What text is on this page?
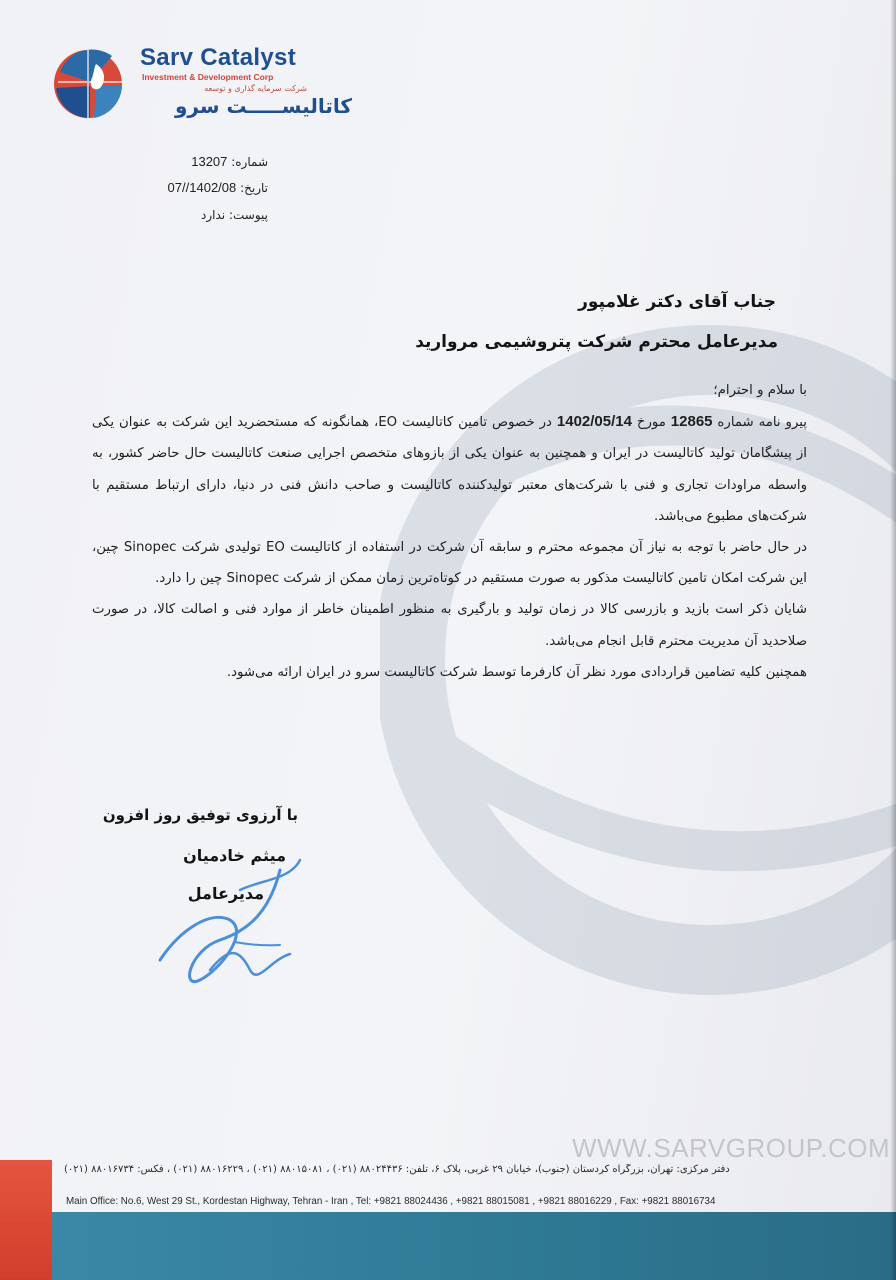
Sarv Catalyst
Investment & Development Corp
شرکت سرمایه گذاری و توسعه
کاتالیســـــت سرو
شماره: 13207
تاریخ: 1402/08//07
پیوست: ندارد
جناب آقای دکتر غلامپور
مدیرعامل محترم شرکت پتروشیمی مروارید

با سلام و احترام؛

پیرو نامه شماره 12865 مورخ 1402/05/14 در خصوص تامین کاتالیست EO، همانگونه که مستحضرید این شرکت به عنوان یکی از پیشگامان تولید کاتالیست در ایران و همچنین به عنوان یکی از بازوهای متخصص اجرایی صنعت کاتالیست حال حاضر کشور، به واسطه مراودات تجاری و فنی با شرکت‌های معتبر تولیدکننده کاتالیست و صاحب دانش فنی در دنیا، دارای ارتباط مستقیم با شرکت‌های مطبوع می‌باشد.

در حال حاضر با توجه به نیاز آن مجموعه محترم و سابقه آن شرکت در استفاده از کاتالیست EO تولیدی شرکت Sinopec چین، این شرکت امکان تامین کاتالیست مذکور به صورت مستقیم در کوتاه‌ترین زمان ممکن از شرکت Sinopec چین را دارد.

شایان ذکر است بازید و بازرسی کالا در زمان تولید و بارگیری به منظور اطمینان خاطر از موارد فنی و اصالت کالا، در صورت صلاحدید آن مدیریت محترم قابل انجام می‌باشد.

همچنین کلیه تضامین قراردادی مورد نظر آن کارفرما توسط شرکت کاتالیست سرو در ایران ارائه می‌شود.

با آرزوی توفیق روز افزون
میثم خادمیان
مدیرعامل
WWW.SARVGROUP.COM
دفتر مرکزی: تهران، بزرگراه کردستان (جنوب)، خیابان ۲۹ غربی، پلاک ۶، تلفن: ۸۸۰۲۴۴۳۶ (۰۲۱) ، ۸۸۰۱۵۰۸۱ (۰۲۱) ، ۸۸۰۱۶۲۲۹ (۰۲۱) ، فکس: ۸۸۰۱۶۷۳۴ (۰۲۱)
Main Office: No.6, West 29 St., Kordestan Highway, Tehran - Iran , Tel: +9821 88024436 , +9821 88015081 , +9821 88016229 , Fax: +9821 88016734
